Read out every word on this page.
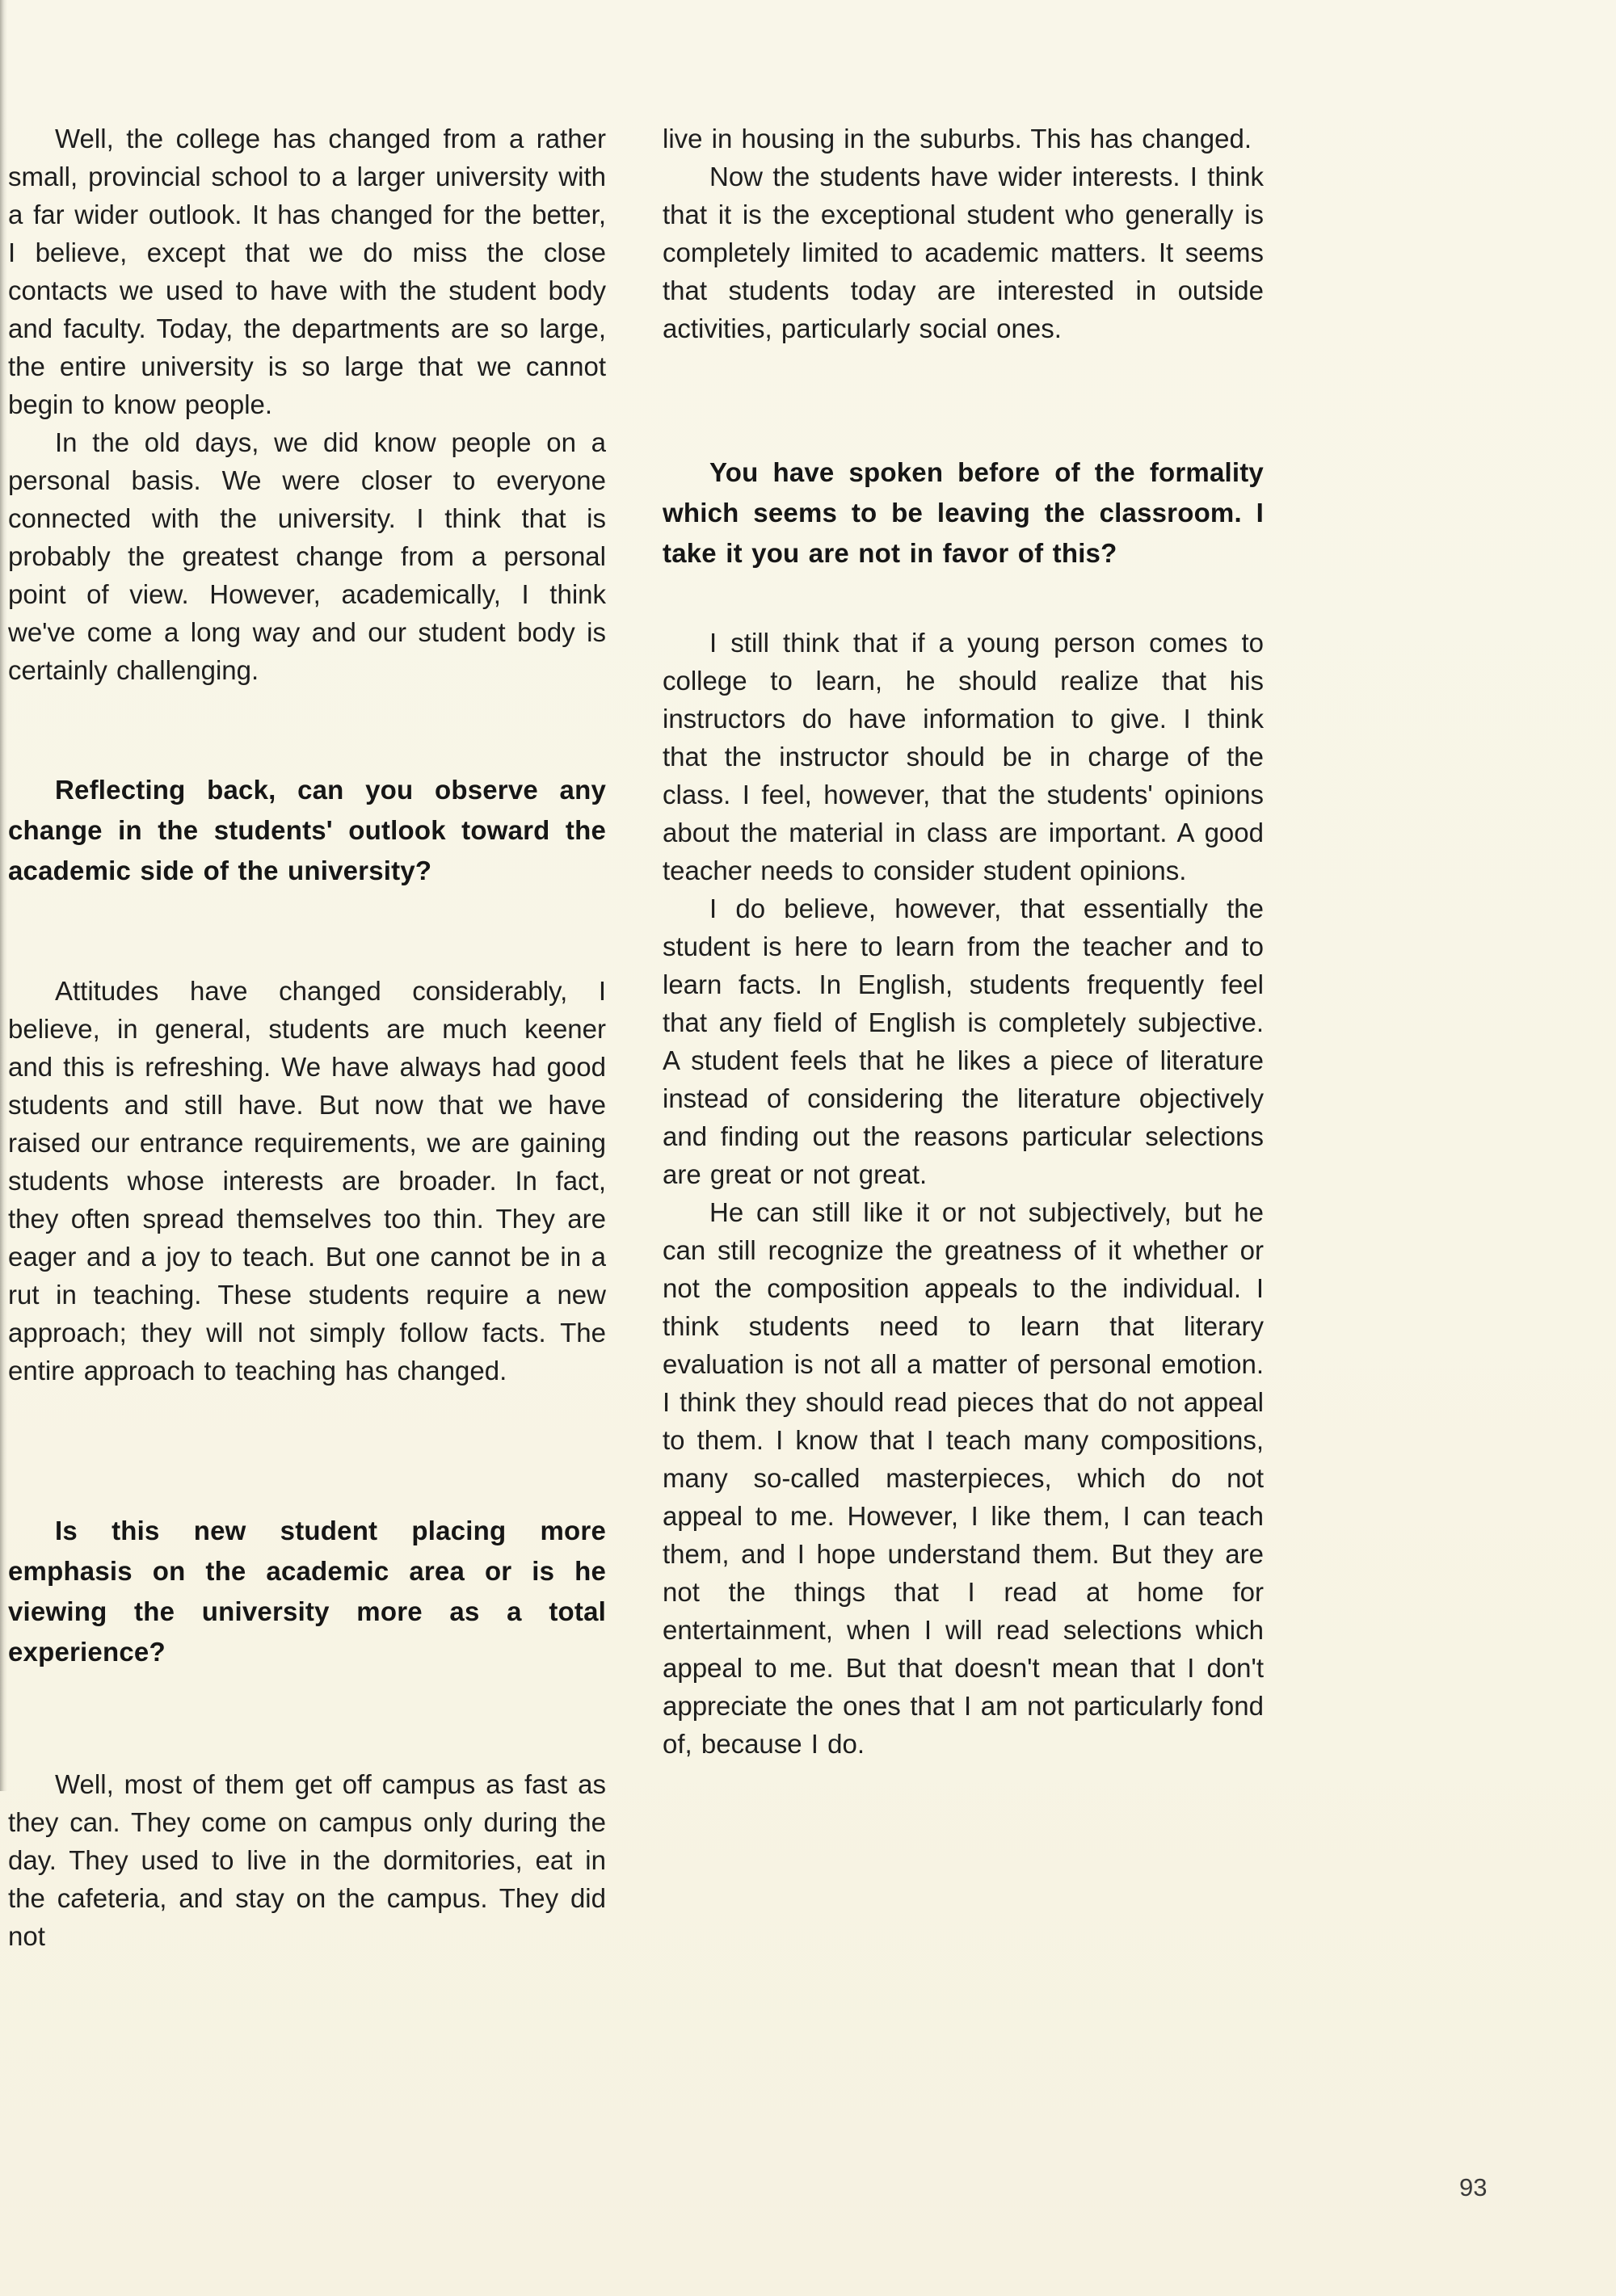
Well, the college has changed from a rather small, provincial school to a larger university with a far wider outlook. It has changed for the better, I believe, except that we do miss the close contacts we used to have with the student body and faculty. Today, the departments are so large, the entire university is so large that we cannot begin to know people.

In the old days, we did know people on a personal basis. We were closer to everyone connected with the university. I think that is probably the greatest change from a personal point of view. However, academically, I think we've come a long way and our student body is certainly challenging.

Reflecting back, can you observe any change in the students' outlook toward the academic side of the university?

Attitudes have changed considerably, I believe, in general, students are much keener and this is refreshing. We have always had good students and still have. But now that we have raised our entrance requirements, we are gaining students whose interests are broader. In fact, they often spread themselves too thin. They are eager and a joy to teach. But one cannot be in a rut in teaching. These students require a new approach; they will not simply follow facts. The entire approach to teaching has changed.

Is this new student placing more emphasis on the academic area or is he viewing the university more as a total experience?

Well, most of them get off campus as fast as they can. They come on campus only during the day. They used to live in the dormitories, eat in the cafeteria, and stay on the campus. They did not

live in housing in the suburbs. This has changed.

Now the students have wider interests. I think that it is the exceptional student who generally is completely limited to academic matters. It seems that students today are interested in outside activities, particularly social ones.

You have spoken before of the formality which seems to be leaving the classroom. I take it you are not in favor of this?

I still think that if a young person comes to college to learn, he should realize that his instructors do have information to give. I think that the instructor should be in charge of the class. I feel, however, that the students' opinions about the material in class are important. A good teacher needs to consider student opinions.

I do believe, however, that essentially the student is here to learn from the teacher and to learn facts. In English, students frequently feel that any field of English is completely subjective. A student feels that he likes a piece of literature instead of considering the literature objectively and finding out the reasons particular selections are great or not great.

He can still like it or not subjectively, but he can still recognize the greatness of it whether or not the composition appeals to the individual. I think students need to learn that literary evaluation is not all a matter of personal emotion. I think they should read pieces that do not appeal to them. I know that I teach many compositions, many so-called masterpieces, which do not appeal to me. However, I like them, I can teach them, and I hope understand them. But they are not the things that I read at home for entertainment, when I will read selections which appeal to me. But that doesn't mean that I don't appreciate the ones that I am not particularly fond of, because I do.

93
